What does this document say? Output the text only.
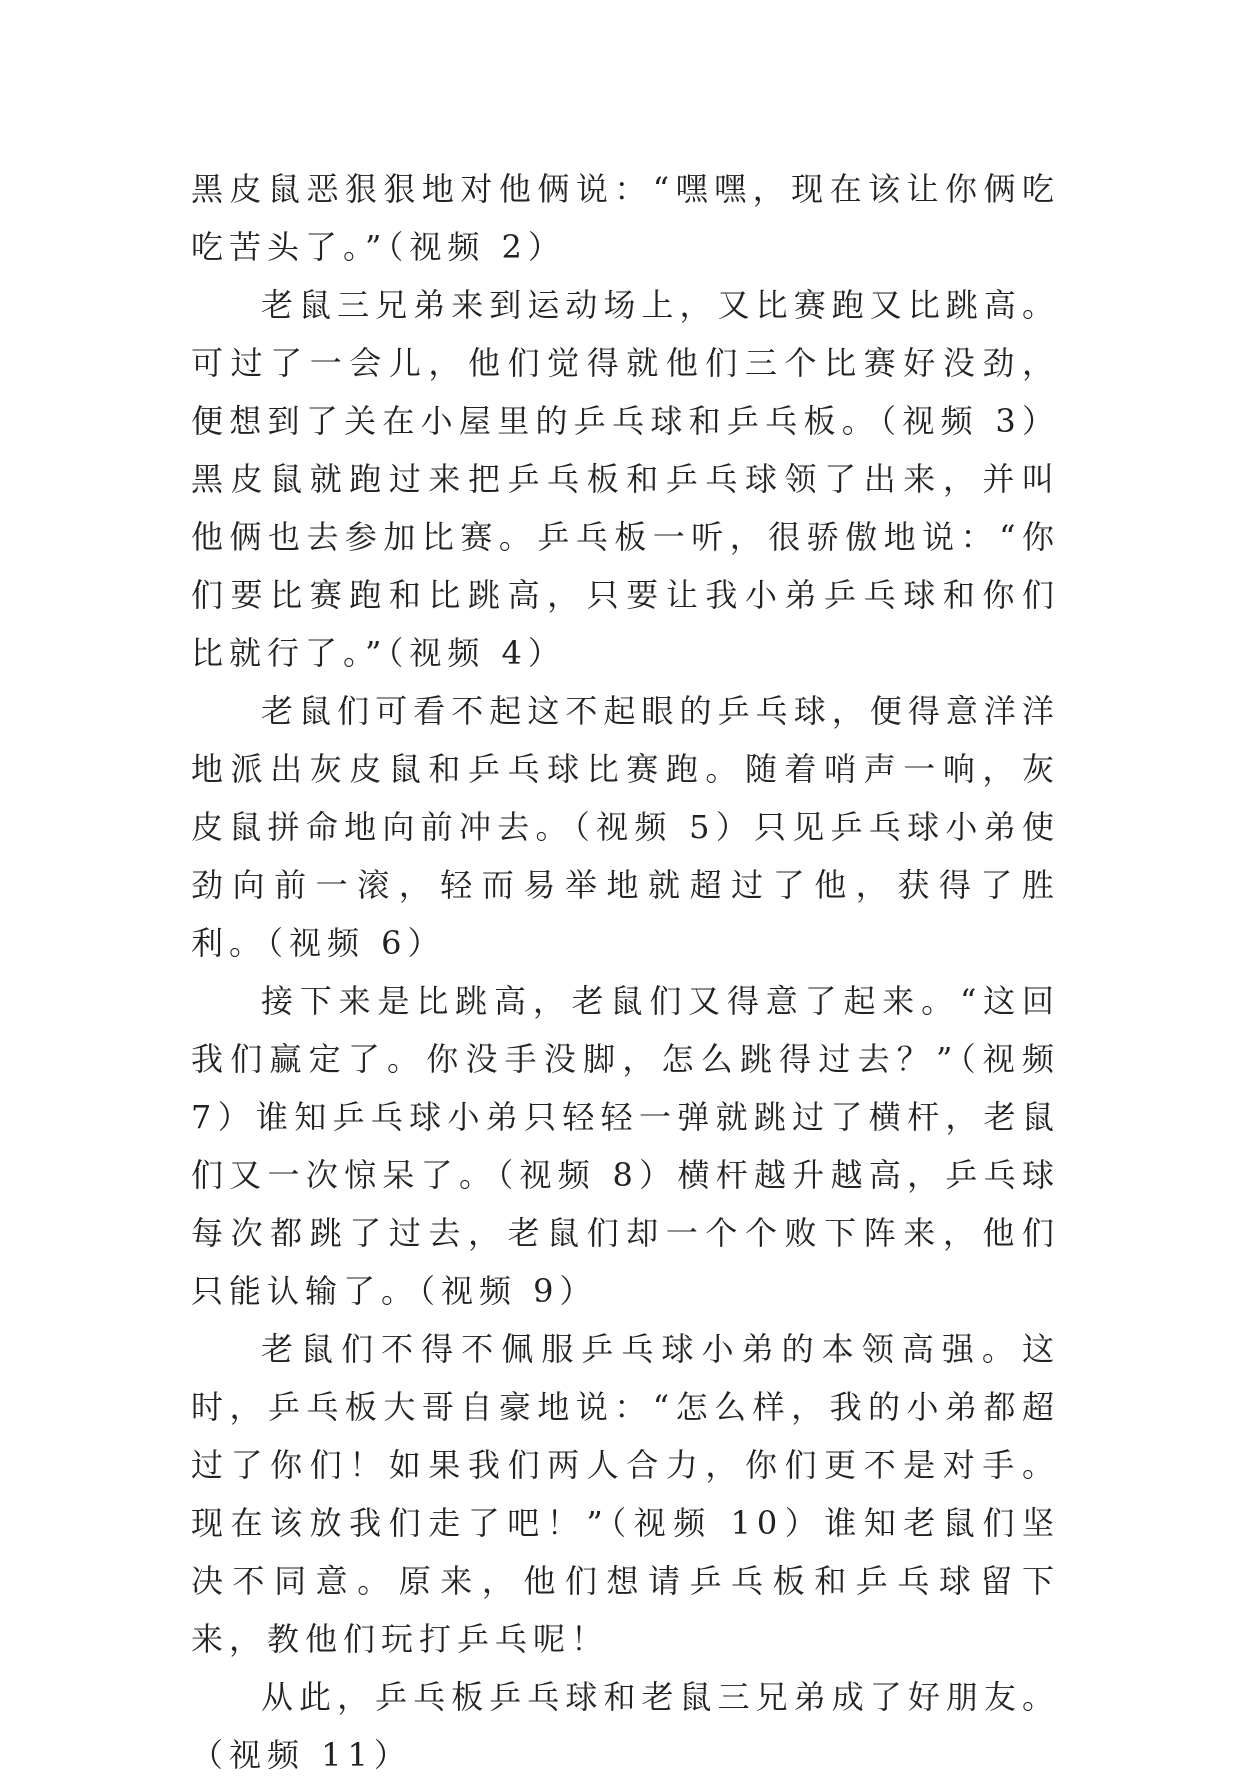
黑皮鼠恶狠狠地对他俩说：“嘿嘿，现在该让你俩吃吃苦头了。”（视频 2）

老鼠三兄弟来到运动场上，又比赛跑又比跳高。可过了一会儿，他们觉得就他们三个比赛好没劲，便想到了关在小屋里的乒乓球和乒乓板。（视频 3）黑皮鼠就跑过来把乒乓板和乒乓球领了出来，并叫他俩也去参加比赛。乒乓板一听，很骄傲地说：“你们要比赛跑和比跳高，只要让我小弟乒乓球和你们比就行了。”（视频 4）

老鼠们可看不起这不起眼的乒乓球，便得意洋洋地派出灰皮鼠和乒乓球比赛跑。随着哨声一响，灰皮鼠拼命地向前冲去。（视频 5）只见乒乓球小弟使劲向前一滚，轻而易举地就超过了他，获得了胜利。（视频 6）

接下来是比跳高，老鼠们又得意了起来。“这回我们赢定了。你没手没脚，怎么跳得过去？”（视频 7）谁知乒乓球小弟只轻轻一弹就跳过了横杆，老鼠们又一次惊呆了。（视频 8）横杆越升越高，乒乓球每次都跳了过去，老鼠们却一个个败下阵来，他们只能认输了。（视频 9）

老鼠们不得不佩服乒乓球小弟的本领高强。这时，乒乓板大哥自豪地说：“怎么样，我的小弟都超过了你们！如果我们两人合力，你们更不是对手。现在该放我们走了吧！”（视频 10）谁知老鼠们坚决不同意。原来，他们想请乒乓板和乒乓球留下来，教他们玩打乒乓呢！

从此，乒乓板乒乓球和老鼠三兄弟成了好朋友。（视频 11）
